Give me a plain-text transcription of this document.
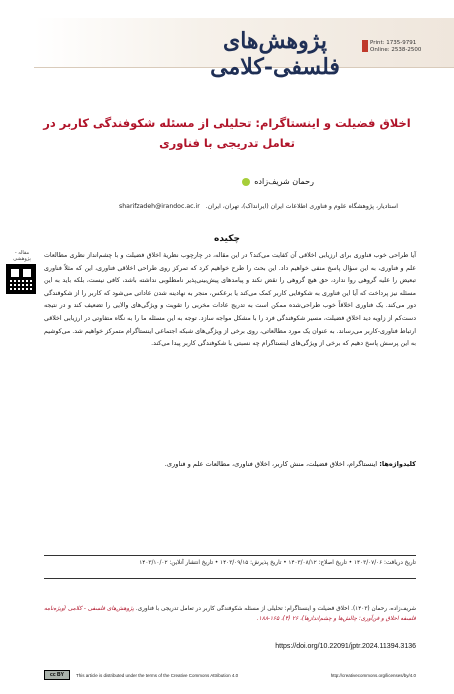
پژوهش‌های فلسفی-کلامی
Print: 1735-9791
Online: 2538-2500
اخلاق فضیلت و اینستاگرام: تحلیلی از مسئله شکوفندگی کاربر در تعامل تدریجی با فناوری
رحمان شریف‌زاده
استادیار، پژوهشگاه علوم و فناوری اطلاعات ایران (ایرانداک)، تهران، ایران. sharifzadeh@irandoc.ac.ir
چکیده
مقاله - پژوهشی	آیا طراحی خوب فناوری برای ارزیابی اخلاقی آن کفایت می‌کند؟ در این مقاله، در چارچوب نظریهٔ اخلاق فضیلت و با چشم‌انداز نظری مطالعات علم و فناوری، به این سؤال پاسخ منفی خواهیم داد. این بحث را طرح خواهیم کرد که تمرکز روی طراحی اخلاقی فناوری، این که مثلاً فناوری تبعیض را علیه گروهی روا ندارد، حق هیچ گروهی را نقض نکند و پیامدهای پیش‌بینی‌پذیر نامطلوبی نداشته باشد، کافی نیست، بلکه باید به این مسئله نیز پرداخت که آیا این فناوری به شکوفایی کاربر کمک می‌کند یا برعکس، منجر به نهادینه شدن عاداتی می‌شود که کاربر را از شکوفندگی دور می‌کند. یک فناوری اخلاقاً خوب طراحی‌شده ممکن است به تدریج عادات مخربی را تقویت و ویژگی‌های والایی را تضعیف کند و در نتیجه دست‌کم از زاویه دید اخلاق فضیلت، مسیر شکوفندگی فرد را با مشکل مواجه سازد. توجه به این مسئله ما را به نگاه متفاوتی در ارزیابی اخلاقی ارتباط فناوری-کاربر می‌رساند. به عنوان یک مورد مطالعاتی، روی برخی از ویژگی‌های شبکه اجتماعی اینستاگرام متمرکز خواهیم شد. می‌کوشیم به این پرسش پاسخ دهیم که برخی از ویژگی‌های اینستاگرام چه نسبتی با شکوفندگی کاربر پیدا می‌کند.
کلیدواژه‌ها: اینستاگرام، اخلاق فضیلت، منش کاربر، اخلاق فناوری، مطالعات علم و فناوری.
تاریخ دریافت: ۱۴۰۳/۰۷/۰۶ • تاریخ اصلاح: ۱۴۰۳/۰۸/۱۲ • تاریخ پذیرش: ۱۴۰۳/۰۹/۱۵ • تاریخ انتشار آنلاین: ۱۴۰۳/۱۰/۰۲
شریف‌زاده، رحمان (۱۴۰۳). اخلاق فضیلت و اینستاگرام: تحلیلی از مسئله شکوفندگی کاربر در تعامل تدریجی با فناوری. پژوهش‌های فلسفی - کلامی (ویژه‌نامه فلسفه اخلاق و فن‌آوری: چالش‌ها و چشم‌اندازها)، ۲۶ (۴)، ۱۶۵-۱۸۸.
https://doi.org/10.22091/jptr.2024.11394.3136
cc BY	This article is distributed under the terms of the Creative Commons Attribution 4.0	http://creativecommons.org/licenses/by/4.0
